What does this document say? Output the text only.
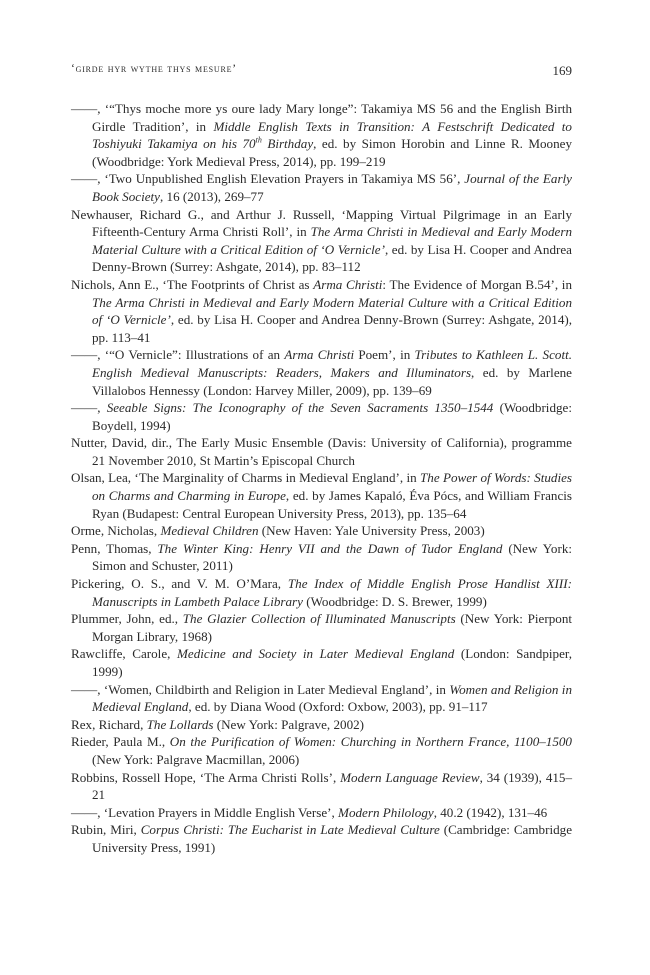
‘girde hyr wythe thys mesure’	169
——, ‘“Thys moche more ys oure lady Mary longe”: Takamiya MS 56 and the English Birth Girdle Tradition’, in Middle English Texts in Transition: A Festschrift Dedicated to Toshiyuki Takamiya on his 70th Birthday, ed. by Simon Horobin and Linne R. Mooney (Woodbridge: York Medieval Press, 2014), pp. 199–219
——, ‘Two Unpublished English Elevation Prayers in Takamiya MS 56’, Journal of the Early Book Society, 16 (2013), 269–77
Newhauser, Richard G., and Arthur J. Russell, ‘Mapping Virtual Pilgrimage in an Early Fifteenth-Century Arma Christi Roll’, in The Arma Christi in Medieval and Early Modern Material Culture with a Critical Edition of ‘O Vernicle’, ed. by Lisa H. Cooper and Andrea Denny-Brown (Surrey: Ashgate, 2014), pp. 83–112
Nichols, Ann E., ‘The Footprints of Christ as Arma Christi: The Evidence of Morgan B.54’, in The Arma Christi in Medieval and Early Modern Material Culture with a Critical Edition of ‘O Vernicle’, ed. by Lisa H. Cooper and Andrea Denny-Brown (Surrey: Ashgate, 2014), pp. 113–41
——, ‘“O Vernicle”: Illustrations of an Arma Christi Poem’, in Tributes to Kathleen L. Scott. English Medieval Manuscripts: Readers, Makers and Illuminators, ed. by Marlene Villalobos Hennessy (London: Harvey Miller, 2009), pp. 139–69
——, Seeable Signs: The Iconography of the Seven Sacraments 1350–1544 (Woodbridge: Boydell, 1994)
Nutter, David, dir., The Early Music Ensemble (Davis: University of California), programme 21 November 2010, St Martin’s Episcopal Church
Olsan, Lea, ‘The Marginality of Charms in Medieval England’, in The Power of Words: Studies on Charms and Charming in Europe, ed. by James Kapaló, Éva Pócs, and William Francis Ryan (Budapest: Central European University Press, 2013), pp. 135–64
Orme, Nicholas, Medieval Children (New Haven: Yale University Press, 2003)
Penn, Thomas, The Winter King: Henry VII and the Dawn of Tudor England (New York: Simon and Schuster, 2011)
Pickering, O. S., and V. M. O’Mara, The Index of Middle English Prose Handlist XIII: Manuscripts in Lambeth Palace Library (Woodbridge: D. S. Brewer, 1999)
Plummer, John, ed., The Glazier Collection of Illuminated Manuscripts (New York: Pierpont Morgan Library, 1968)
Rawcliffe, Carole, Medicine and Society in Later Medieval England (London: Sandpiper, 1999)
——, ‘Women, Childbirth and Religion in Later Medieval England’, in Women and Religion in Medieval England, ed. by Diana Wood (Oxford: Oxbow, 2003), pp. 91–117
Rex, Richard, The Lollards (New York: Palgrave, 2002)
Rieder, Paula M., On the Purification of Women: Churching in Northern France, 1100–1500 (New York: Palgrave Macmillan, 2006)
Robbins, Rossell Hope, ‘The Arma Christi Rolls’, Modern Language Review, 34 (1939), 415–21
——, ‘Levation Prayers in Middle English Verse’, Modern Philology, 40.2 (1942), 131–46
Rubin, Miri, Corpus Christi: The Eucharist in Late Medieval Culture (Cambridge: Cambridge University Press, 1991)
